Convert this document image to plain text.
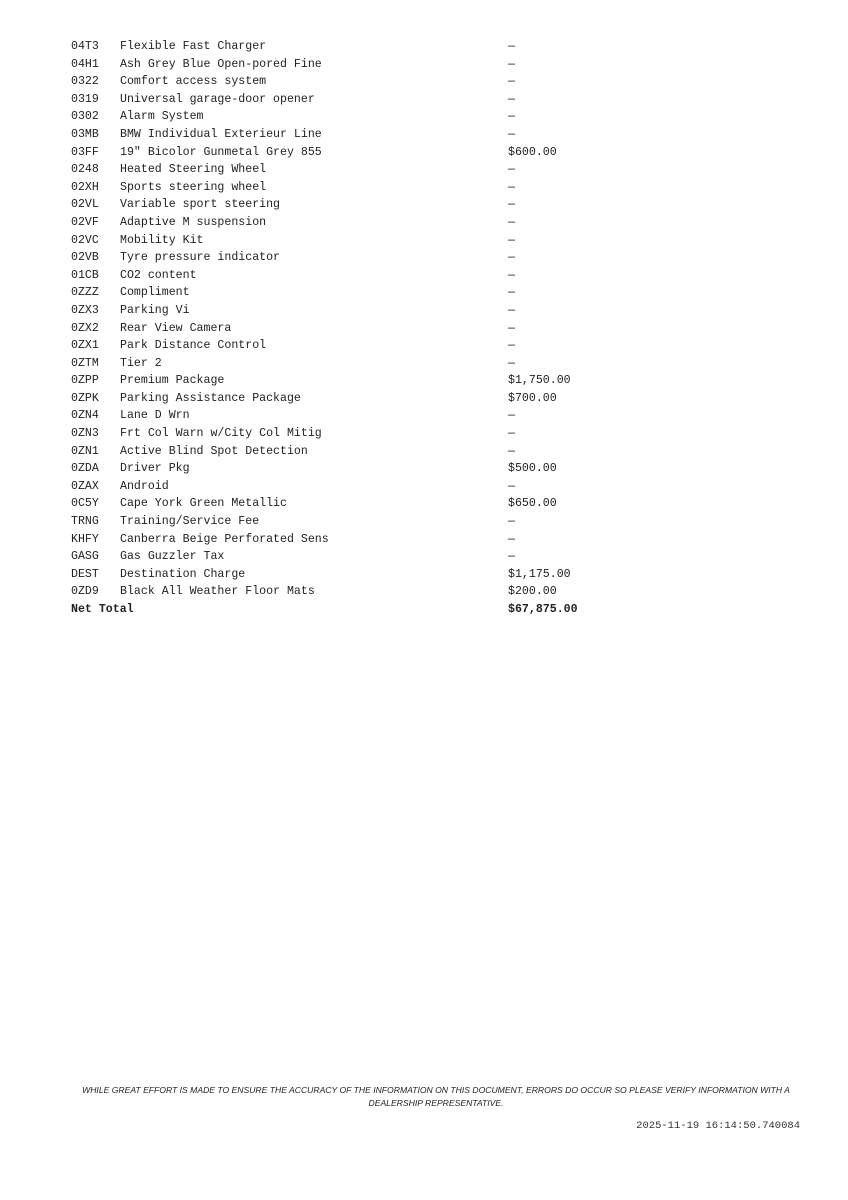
04T3 Flexible Fast Charger	—
04H1 Ash Grey Blue Open-pored Fine	—
0322 Comfort access system	—
0319 Universal garage-door opener	—
0302 Alarm System	—
03MB BMW Individual Exterieur Line	—
03FF 19" Bicolor Gunmetal Grey 855	$600.00
0248 Heated Steering Wheel	—
02XH Sports steering wheel	—
02VL Variable sport steering	—
02VF Adaptive M suspension	—
02VC Mobility Kit	—
02VB Tyre pressure indicator	—
01CB CO2 content	—
0ZZZ Compliment	—
0ZX3 Parking Vi	—
0ZX2 Rear View Camera	—
0ZX1 Park Distance Control	—
0ZTM Tier 2	—
0ZPP Premium Package	$1,750.00
0ZPK Parking Assistance Package	$700.00
0ZN4 Lane D Wrn	—
0ZN3 Frt Col Warn w/City Col Mitig	—
0ZN1 Active Blind Spot Detection	—
0ZDA Driver Pkg	$500.00
0ZAX Android	—
0C5Y Cape York Green Metallic	$650.00
TRNG Training/Service Fee	—
KHFY Canberra Beige Perforated Sens	—
GASG Gas Guzzler Tax	—
DEST Destination Charge	$1,175.00
0ZD9 Black All Weather Floor Mats	$200.00
Net Total	$67,875.00
WHILE GREAT EFFORT IS MADE TO ENSURE THE ACCURACY OF THE INFORMATION ON THIS DOCUMENT, ERRORS DO OCCUR SO PLEASE VERIFY INFORMATION WITH A DEALERSHIP REPRESENTATIVE.
2025-11-19 16:14:50.740084
